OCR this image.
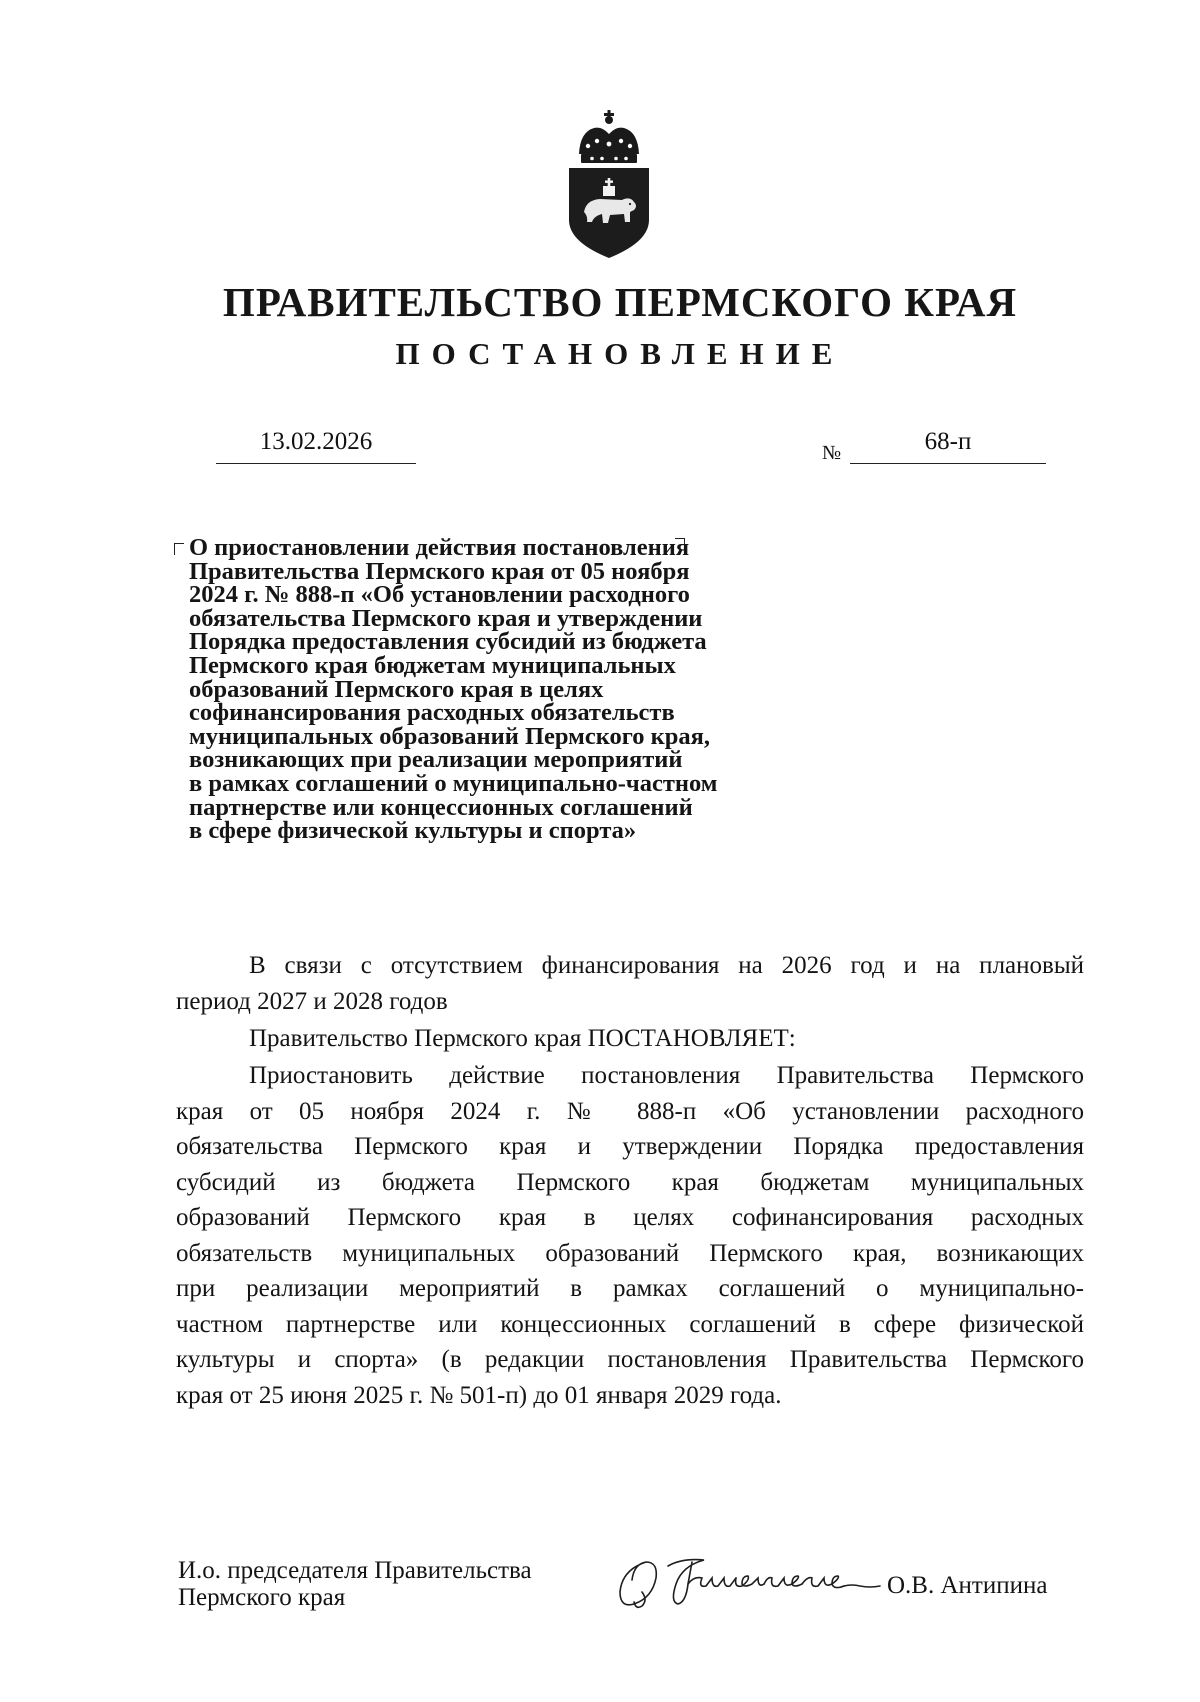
ПРАВИТЕЛЬСТВО ПЕРМСКОГО КРАЯ
ПОСТАНОВЛЕНИЕ
13.02.2026	№	68-п
О приостановлении действия постановления
Правительства Пермского края от 05 ноября
2024 г. № 888-п «Об установлении расходного
обязательства Пермского края и утверждении
Порядка предоставления субсидий из бюджета
Пермского края бюджетам муниципальных
образований Пермского края в целях
софинансирования расходных обязательств
муниципальных образований Пермского края,
возникающих при реализации мероприятий
в рамках соглашений о муниципально-частном
партнерстве или концессионных соглашений
в сфере физической культуры и спорта»
В связи с отсутствием финансирования на 2026 год и на плановый
период 2027 и 2028 годов

Правительство Пермского края ПОСТАНОВЛЯЕТ:

Приостановить действие постановления Правительства Пермского
края от 05 ноября 2024 г. № 888-п «Об установлении расходного
обязательства Пермского края и утверждении Порядка предоставления
субсидий из бюджета Пермского края бюджетам муниципальных
образований Пермского края в целях софинансирования расходных
обязательств муниципальных образований Пермского края, возникающих
при реализации мероприятий в рамках соглашений о муниципально-
частном партнерстве или концессионных соглашений в сфере физической
культуры и спорта» (в редакции постановления Правительства Пермского
края от 25 июня 2025 г. № 501-п) до 01 января 2029 года.
И.о. председателя Правительства
Пермского края	О.В. Антипина
